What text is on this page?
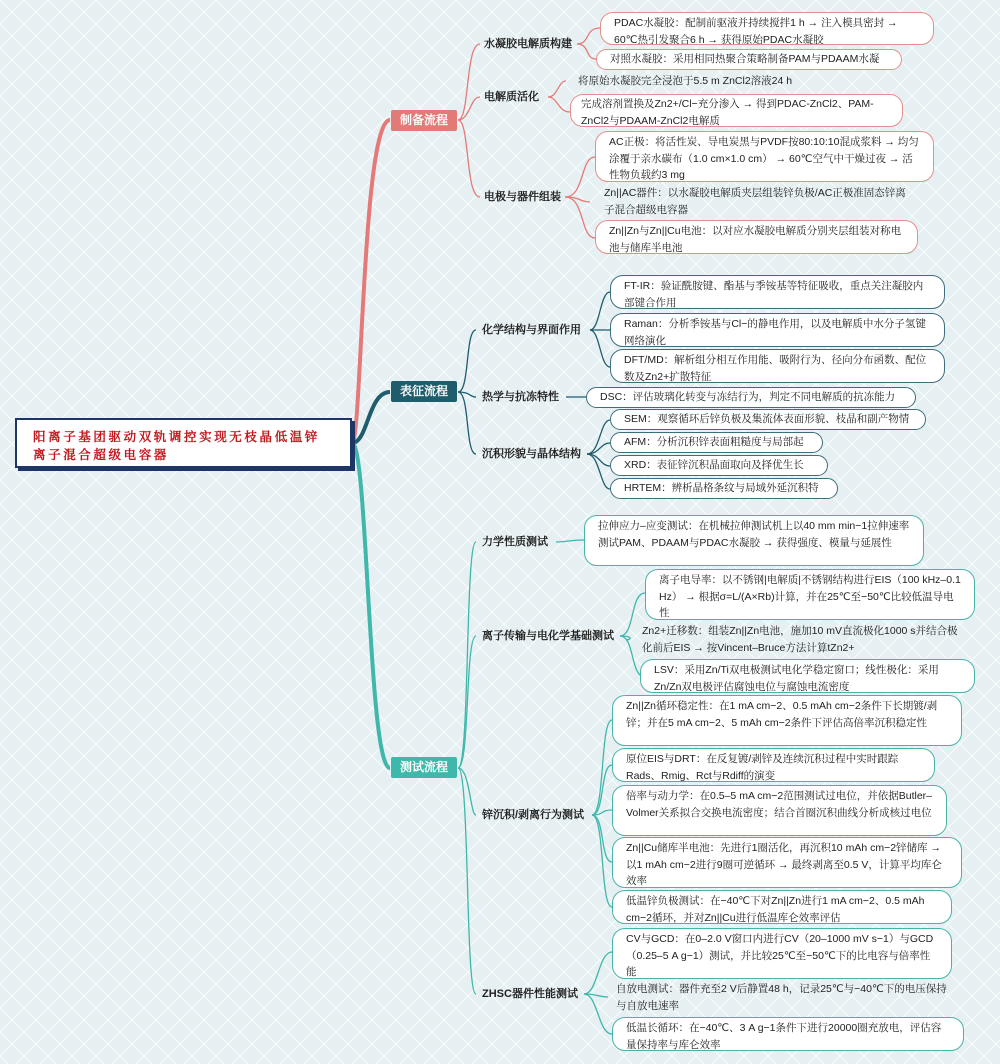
阳离子基团驱动双轨调控实现无枝晶低温锌
离子混合超级电容器
制备流程
水凝胶电解质构建
PDAC水凝胶：配制前驱液并持续搅拌1 h → 注入模具密封 → 60℃热引发聚合6 h → 获得原始PDAC水凝胶
对照水凝胶：采用相同热聚合策略制备PAM与PDAAM水凝
电解质活化
将原始水凝胶完全浸泡于5.5 m ZnCl2溶液24 h
完成溶剂置换及Zn2+/Cl−充分渗入 → 得到PDAC-ZnCl2、PAM-ZnCl2与PDAAM-ZnCl2电解质
电极与器件组装
AC正极：将活性炭、导电炭黑与PVDF按80:10:10混成浆料 → 均匀涂覆于亲水碳布（1.0 cm×1.0 cm） → 60℃空气中干燥过夜 → 活性物负载约3 mg
Zn||AC器件：以水凝胶电解质夹层组装锌负极/AC正极准固态锌离子混合超级电容器
Zn||Zn与Zn||Cu电池：以对应水凝胶电解质分别夹层组装对称电池与储库半电池
表征流程
化学结构与界面作用
FT-IR：验证酰胺键、酯基与季铵基等特征吸收，重点关注凝胶内部键合作用
Raman：分析季铵基与Cl−的静电作用，以及电解质中水分子氢键网络演化
DFT/MD：解析组分相互作用能、吸附行为、径向分布函数、配位数及Zn2+扩散特征
热学与抗冻特性	DSC：评估玻璃化转变与冻结行为，判定不同电解质的抗冻能力
沉积形貌与晶体结构
SEM：观察循环后锌负极及集流体表面形貌、枝晶和副产物情
AFM：分析沉积锌表面粗糙度与局部起
XRD：表征锌沉积晶面取向及择优生长
HRTEM：辨析晶格条纹与局域外延沉积特
测试流程
力学性质测试
拉伸应力–应变测试：在机械拉伸测试机上以40 mm min−1拉伸速率测试PAM、PDAAM与PDAC水凝胶 → 获得强度、模量与延展性
离子传输与电化学基础测试
离子电导率：以不锈钢|电解质|不锈钢结构进行EIS（100 kHz–0.1 Hz） → 根据σ=L/(A×Rb)计算，并在25℃至−50℃比较低温导电性
Zn2+迁移数：组装Zn||Zn电池，施加10 mV直流极化1000 s并结合极化前后EIS → 按Vincent–Bruce方法计算tZn2+
LSV：采用Zn/Ti双电极测试电化学稳定窗口；线性极化：采用Zn/Zn双电极评估腐蚀电位与腐蚀电流密度
锌沉积/剥离行为测试
Zn||Zn循环稳定性：在1 mA cm−2、0.5 mAh cm−2条件下长期镀/剥锌；并在5 mA cm−2、5 mAh cm−2条件下评估高倍率沉积稳定性
原位EIS与DRT：在反复镀/剥锌及连续沉积过程中实时跟踪Rads、Rmig、Rct与Rdiff的演变
倍率与动力学：在0.5–5 mA cm−2范围测试过电位，并依据Butler–Volmer关系拟合交换电流密度；结合首圈沉积曲线分析成核过电位
Zn||Cu储库半电池：先进行1圈活化，再沉积10 mAh cm−2锌储库 → 以1 mAh cm−2进行9圈可逆循环 → 最终剥离至0.5 V，计算平均库仑效率
低温锌负极测试：在−40℃下对Zn||Zn进行1 mA cm−2、0.5 mAh cm−2循环，并对Zn||Cu进行低温库仑效率评估
ZHSC器件性能测试
CV与GCD：在0–2.0 V窗口内进行CV（20–1000 mV s−1）与GCD（0.25–5 A g−1）测试，并比较25℃至−50℃下的比电容与倍率性能
自放电测试：器件充至2 V后静置48 h，记录25℃与−40℃下的电压保持与自放电速率
低温长循环：在−40℃、3 A g−1条件下进行20000圈充放电，评估容量保持率与库仑效率
